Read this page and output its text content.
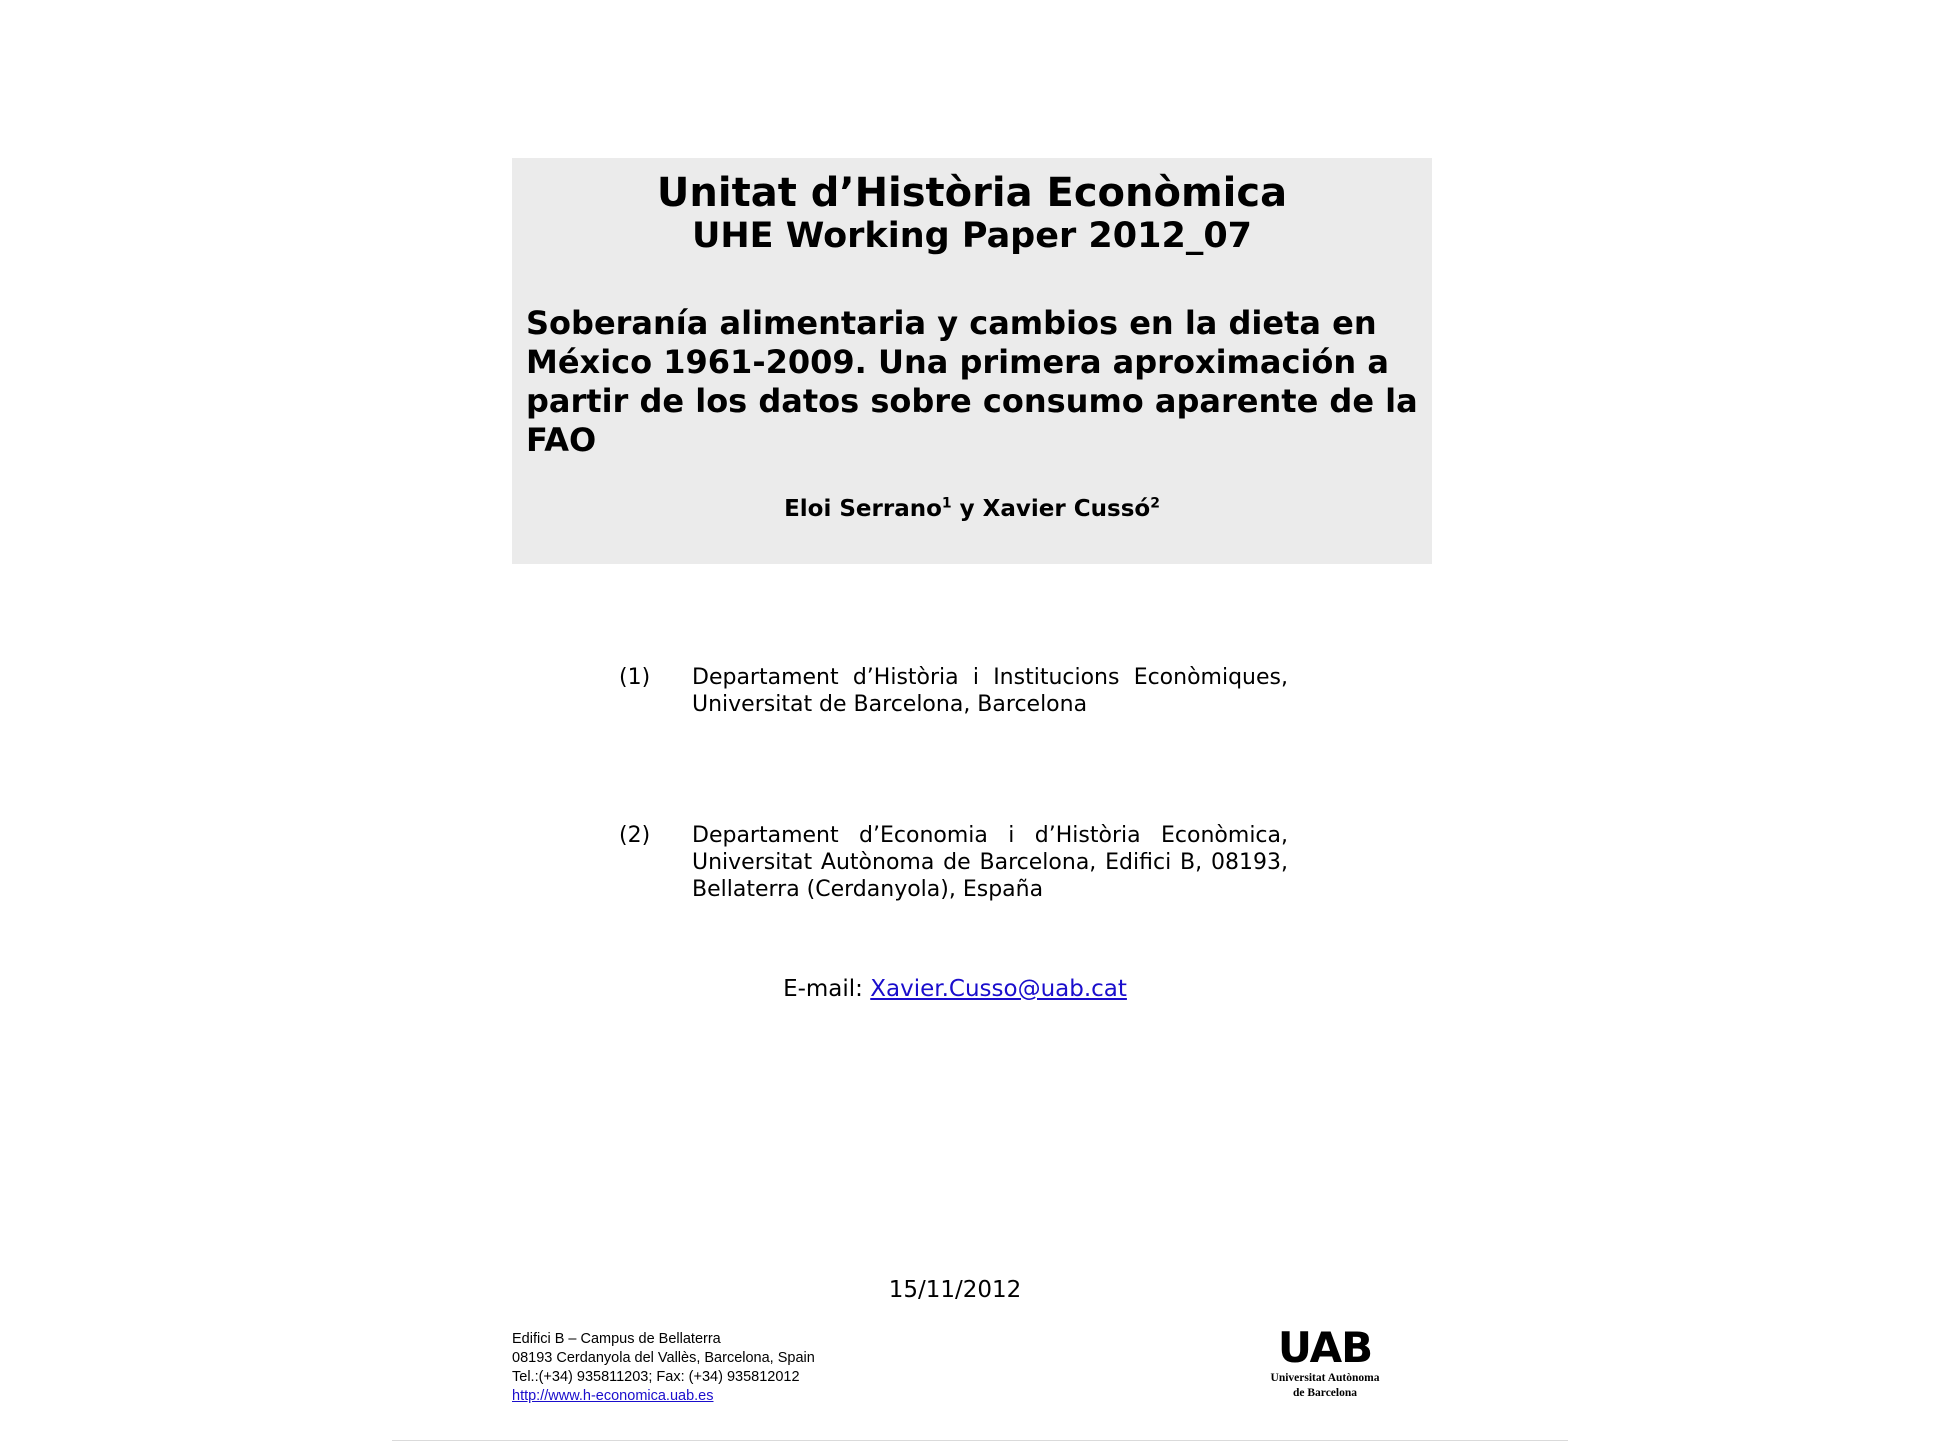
Unitat d’Història Econòmica
UHE Working Paper 2012_07
Soberanía alimentaria y cambios en la dieta en México 1961-2009. Una primera aproximación a partir de los datos sobre consumo aparente de la FAO
Eloi Serrano$^1$ y Xavier Cussó$^2$
(1) Departament d’Història i Institucions Econòmiques, Universitat de Barcelona, Barcelona
(2) Departament d’Economia i d’Història Econòmica, Universitat Autònoma de Barcelona, Edifici B, 08193, Bellaterra (Cerdanyola), España
E-mail: Xavier.Cusso@uab.cat
15/11/2012
Edifici B – Campus de Bellaterra
08193 Cerdanyola del Vallès, Barcelona, Spain
Tel.:(+34) 935811203; Fax: (+34) 935812012
http://www.h-economica.uab.es
UAB
Universitat Autònoma
de Barcelona
